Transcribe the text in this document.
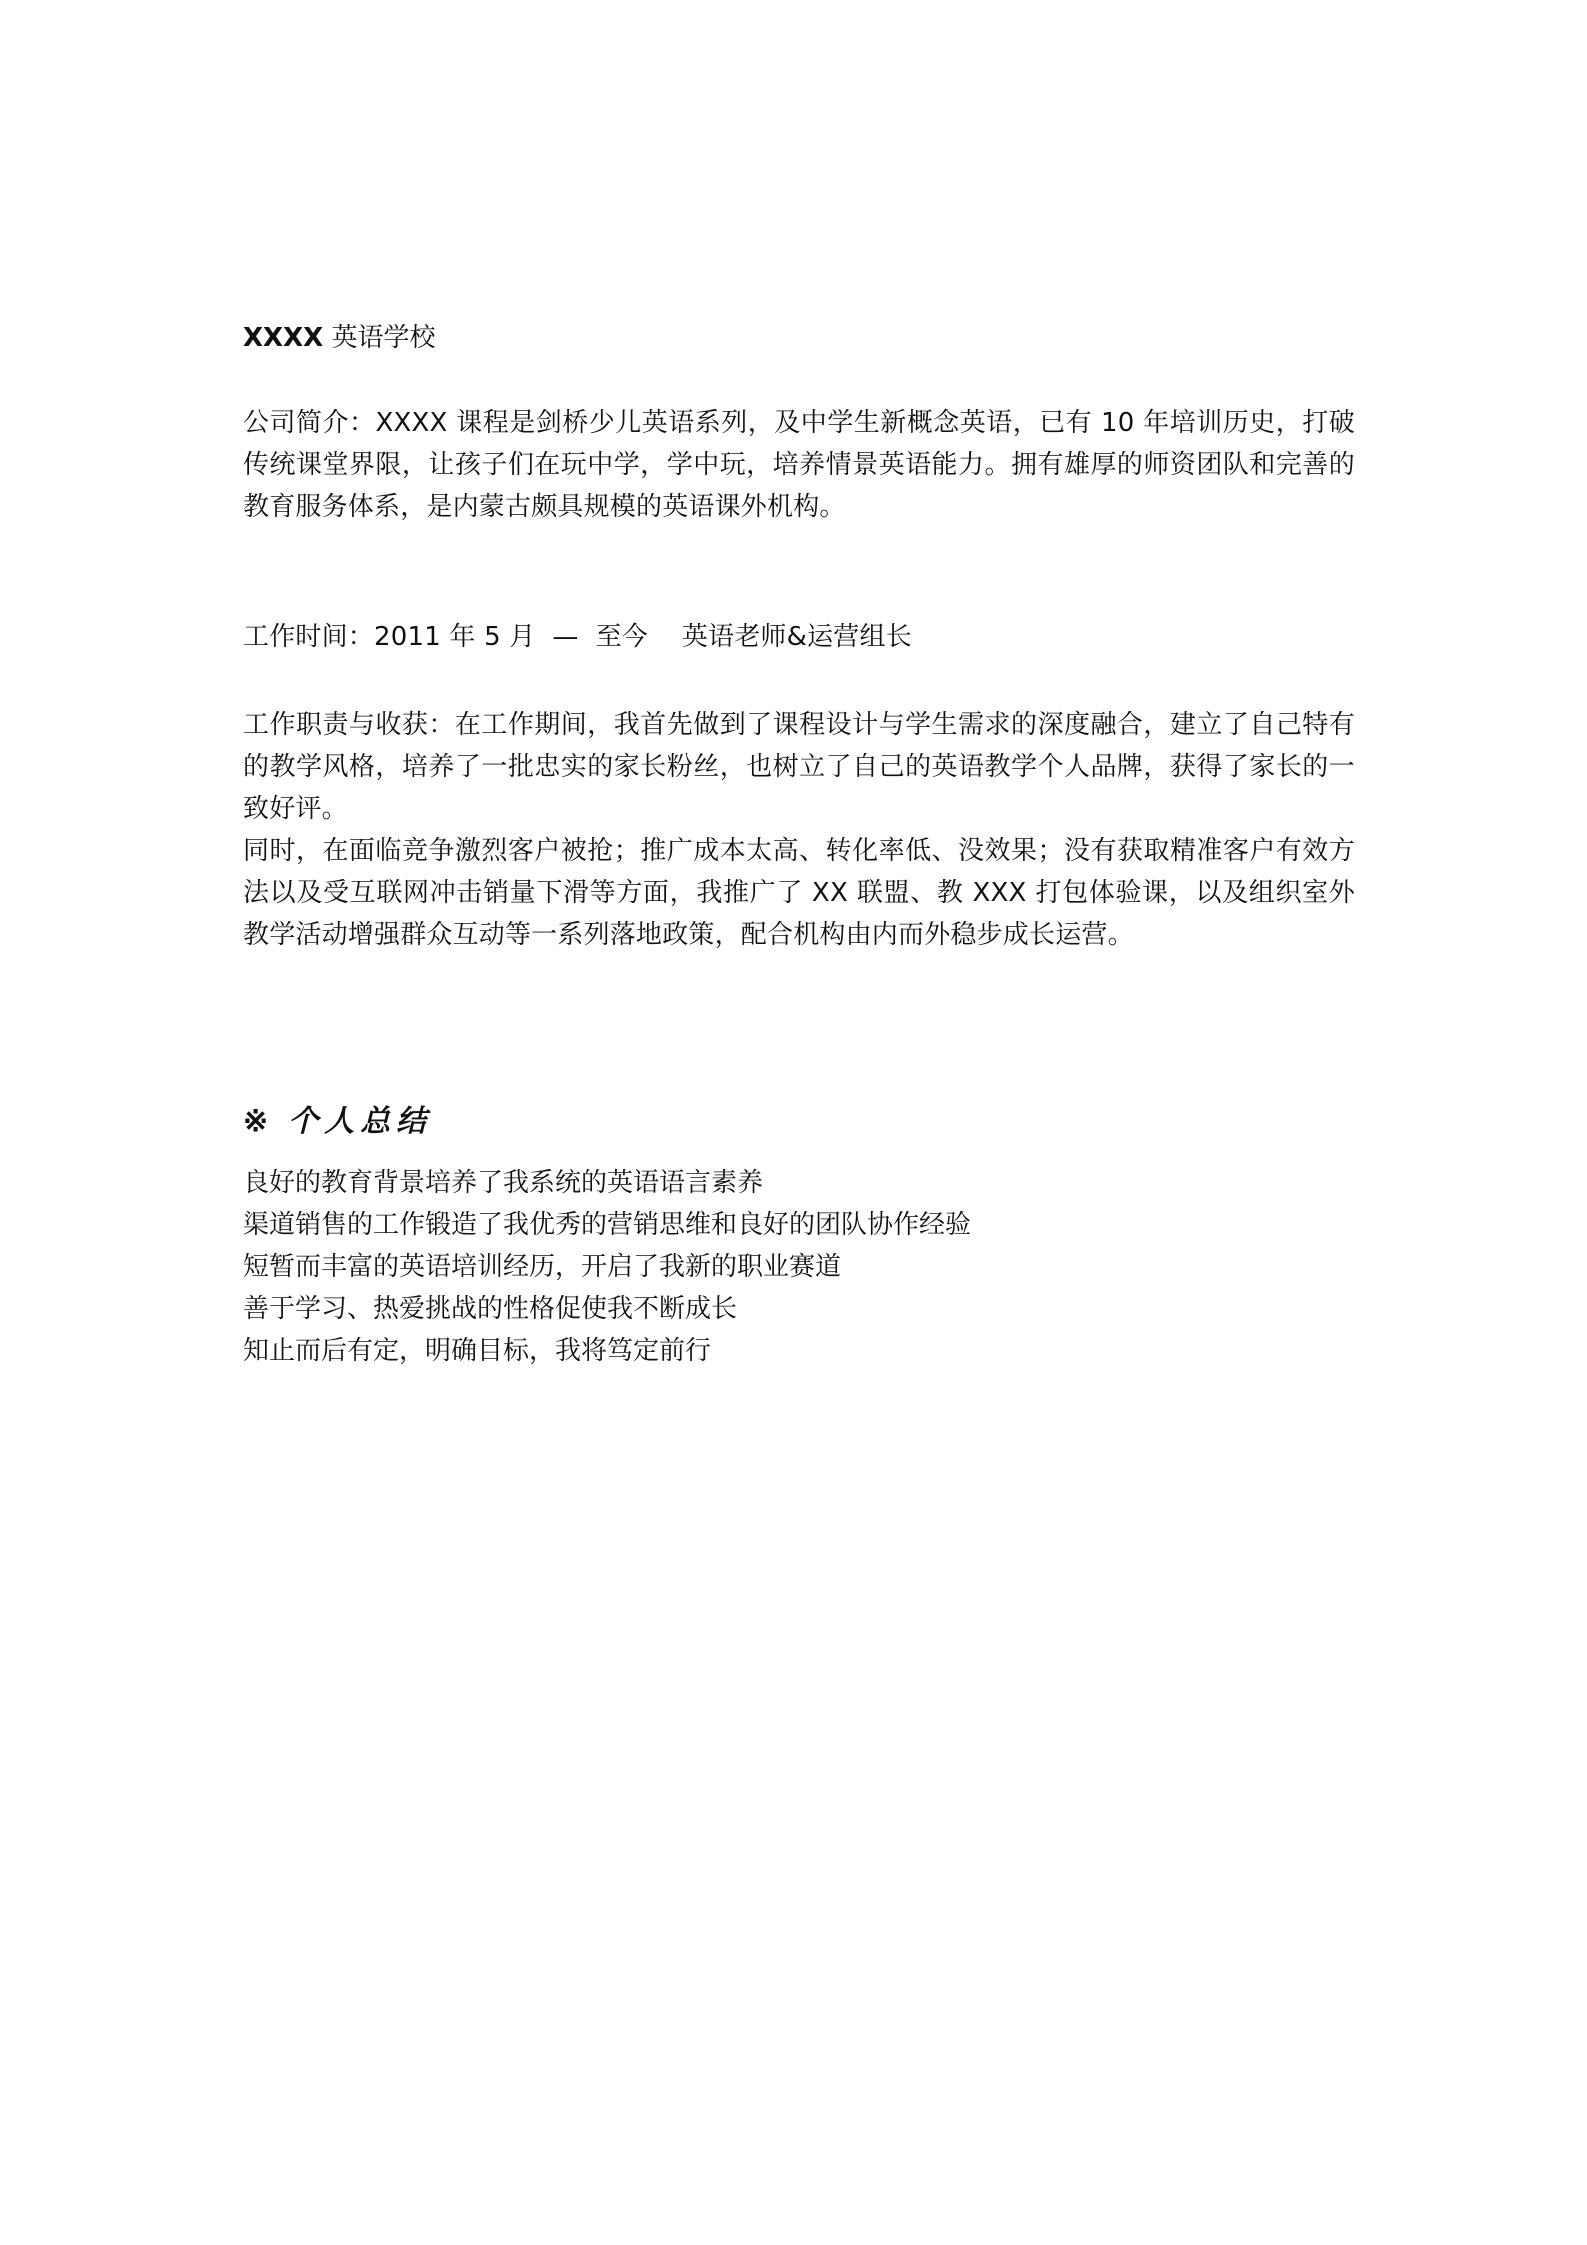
XXXX 英语学校

公司简介：XXXX 课程是剑桥少儿英语系列，及中学生新概念英语，已有 10 年培训历史，打破传统课堂界限，让孩子们在玩中学，学中玩，培养情景英语能力。拥有雄厚的师资团队和完善的教育服务体系，是内蒙古颇具规模的英语课外机构。

工作时间：2011 年 5 月  —  至今    英语老师&运营组长

工作职责与收获：在工作期间，我首先做到了课程设计与学生需求的深度融合，建立了自己特有的教学风格，培养了一批忠实的家长粉丝，也树立了自己的英语教学个人品牌，获得了家长的一致好评。

同时，在面临竞争激烈客户被抢；推广成本太高、转化率低、没效果；没有获取精准客户有效方法以及受互联网冲击销量下滑等方面，我推广了 XX 联盟、教 XXX 打包体验课，以及组织室外教学活动增强群众互动等一系列落地政策，配合机构由内而外稳步成长运营。

※ 个人总结
良好的教育背景培养了我系统的英语语言素养
渠道销售的工作锻造了我优秀的营销思维和良好的团队协作经验
短暂而丰富的英语培训经历，开启了我新的职业赛道
善于学习、热爱挑战的性格促使我不断成长
知止而后有定，明确目标，我将笃定前行
